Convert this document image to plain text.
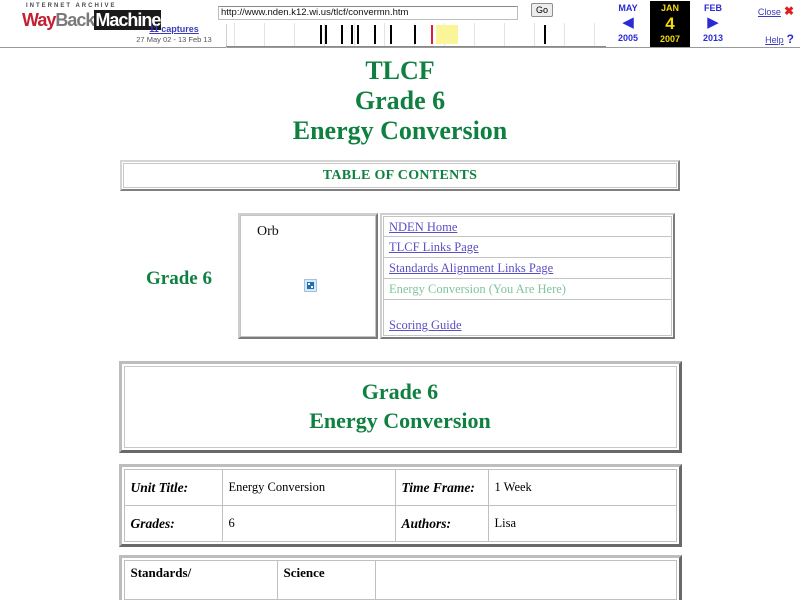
INTERNET ARCHIVE
WayBackMachine
11 captures
27 May 02 - 13 Feb 13
http://www.nden.k12.wi.us/tlcf/convermn.htm
Go	MAY
◀
2005
JAN
4
2007
FEB
▶
2013
Close ✖
Help ?
TLCF
Grade 6
Energy Conversion
TABLE OF CONTENTS
Grade 6
Orb	NDEN Home
TLCF Links Page
Standards Alignment Links Page
Energy Conversion (You Are Here)
Scoring Guide
Grade 6
Energy Conversion
Unit Title:	Energy Conversion	Time Frame:	1 Week
Grades:	6	Authors:	Lisa
Standards/	Science	
